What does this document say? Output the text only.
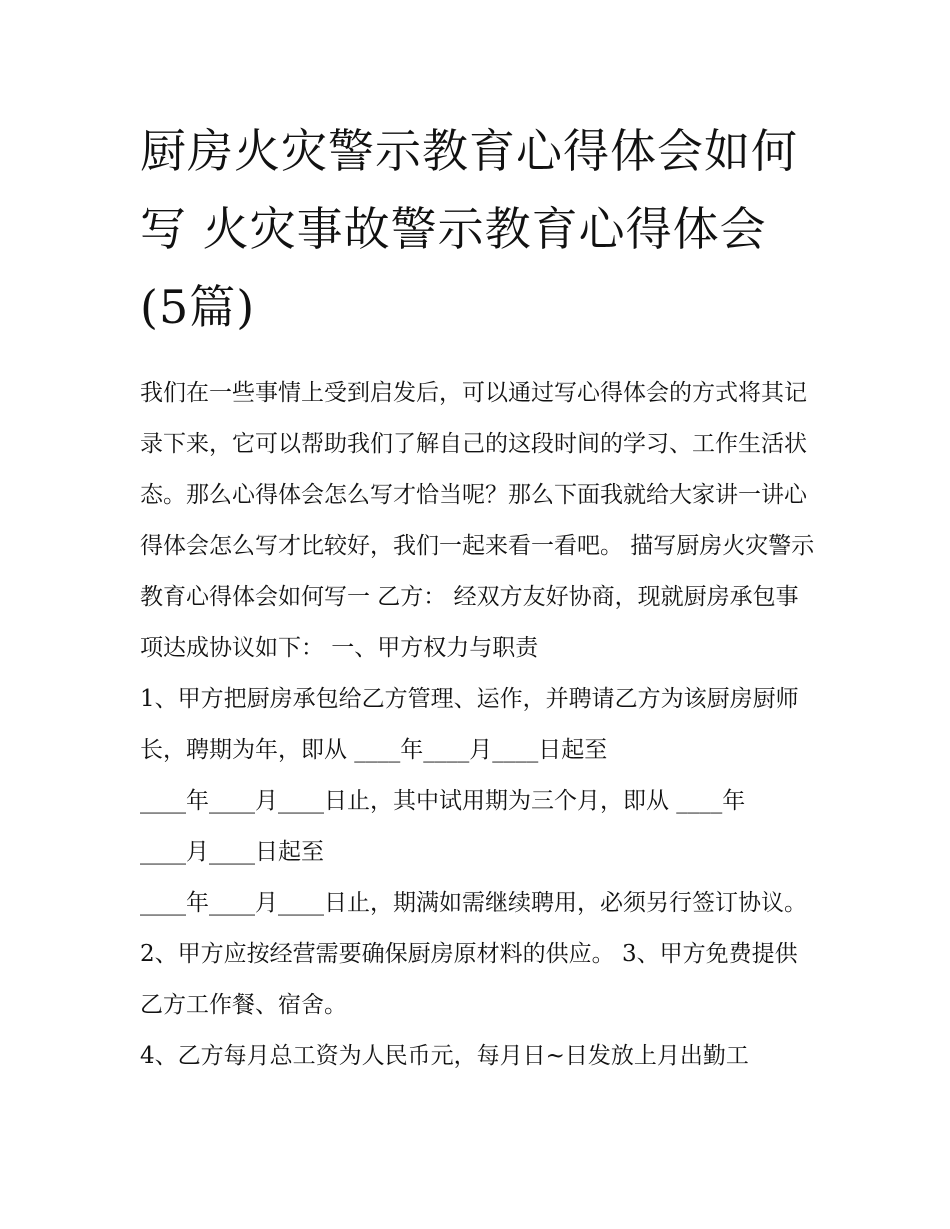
厨房火灾警示教育心得体会如何写 火灾事故警示教育心得体会(5篇)

我们在一些事情上受到启发后，可以通过写心得体会的方式将其记录下来，它可以帮助我们了解自己的这段时间的学习、工作生活状态。那么心得体会怎么写才恰当呢？那么下面我就给大家讲一讲心得体会怎么写才比较好，我们一起来看一看吧。 描写厨房火灾警示教育心得体会如何写一 乙方： 经双方友好协商，现就厨房承包事项达成协议如下： 一、甲方权力与职责

1、甲方把厨房承包给乙方管理、运作，并聘请乙方为该厨房厨师长，聘期为年，即从 ____年____月____日起至

____年____月____日止，其中试用期为三个月，即从 ____年

____月____日起至

____年____月____日止，期满如需继续聘用，必须另行签订协议。 2、甲方应按经营需要确保厨房原材料的供应。 3、甲方免费提供乙方工作餐、宿舍。

4、乙方每月总工资为人民币元，每月日~日发放上月出勤工
